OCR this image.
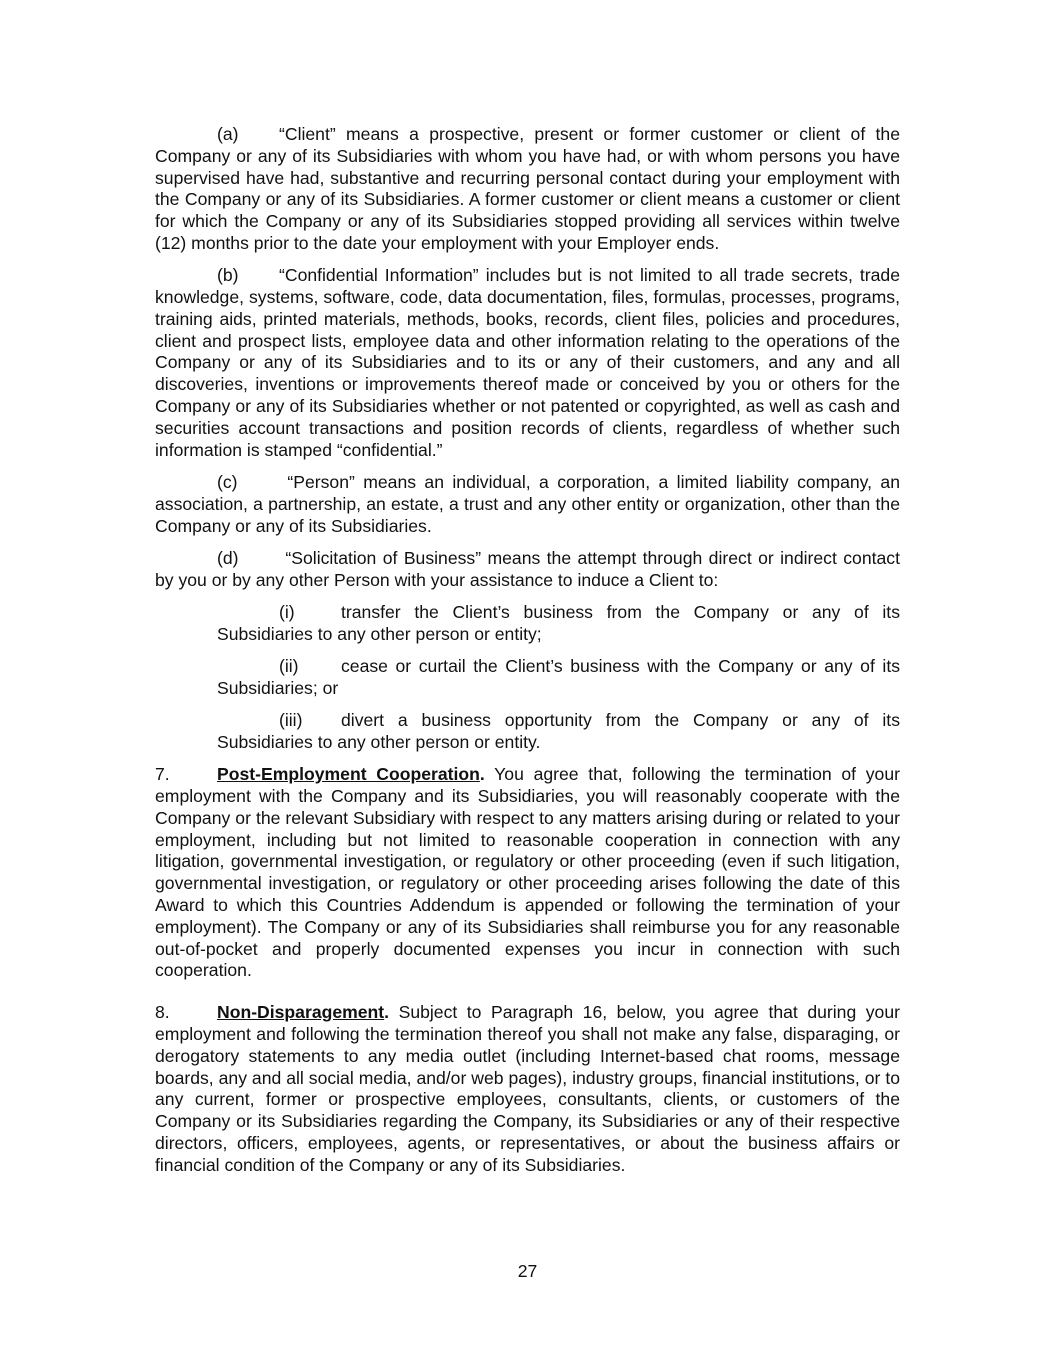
(a) “Client” means a prospective, present or former customer or client of the Company or any of its Subsidiaries with whom you have had, or with whom persons you have supervised have had, substantive and recurring personal contact during your employment with the Company or any of its Subsidiaries. A former customer or client means a customer or client for which the Company or any of its Subsidiaries stopped providing all services within twelve (12) months prior to the date your employment with your Employer ends.

(b) “Confidential Information” includes but is not limited to all trade secrets, trade knowledge, systems, software, code, data documentation, files, formulas, processes, programs, training aids, printed materials, methods, books, records, client files, policies and procedures, client and prospect lists, employee data and other information relating to the operations of the Company or any of its Subsidiaries and to its or any of their customers, and any and all discoveries, inventions or improvements thereof made or conceived by you or others for the Company or any of its Subsidiaries whether or not patented or copyrighted, as well as cash and securities account transactions and position records of clients, regardless of whether such information is stamped “confidential.”

(c) “Person” means an individual, a corporation, a limited liability company, an association, a partnership, an estate, a trust and any other entity or organization, other than the Company or any of its Subsidiaries.

(d) “Solicitation of Business” means the attempt through direct or indirect contact by you or by any other Person with your assistance to induce a Client to:

(i)	transfer the Client’s business from the Company or any of its Subsidiaries to any other person or entity;

(ii) cease or curtail the Client’s business with the Company or any of its Subsidiaries; or

(iii) divert a business opportunity from the Company or any of its Subsidiaries to any other person or entity.

7.	Post-Employment Cooperation. You agree that, following the termination of your employment with the Company and its Subsidiaries, you will reasonably cooperate with the Company or the relevant Subsidiary with respect to any matters arising during or related to your employment, including but not limited to reasonable cooperation in connection with any litigation, governmental investigation, or regulatory or other proceeding (even if such litigation, governmental investigation, or regulatory or other proceeding arises following the date of this Award to which this Countries Addendum is appended or following the termination of your employment). The Company or any of its Subsidiaries shall reimburse you for any reasonable out-of-pocket and properly documented expenses you incur in connection with such cooperation.

8.	Non-Disparagement. Subject to Paragraph 16, below, you agree that during your employment and following the termination thereof you shall not make any false, disparaging, or derogatory statements to any media outlet (including Internet-based chat rooms, message boards, any and all social media, and/or web pages), industry groups, financial institutions, or to any current, former or prospective employees, consultants, clients, or customers of the Company or its Subsidiaries regarding the Company, its Subsidiaries or any of their respective directors, officers, employees, agents, or representatives, or about the business affairs or financial condition of the Company or any of its Subsidiaries.

27
